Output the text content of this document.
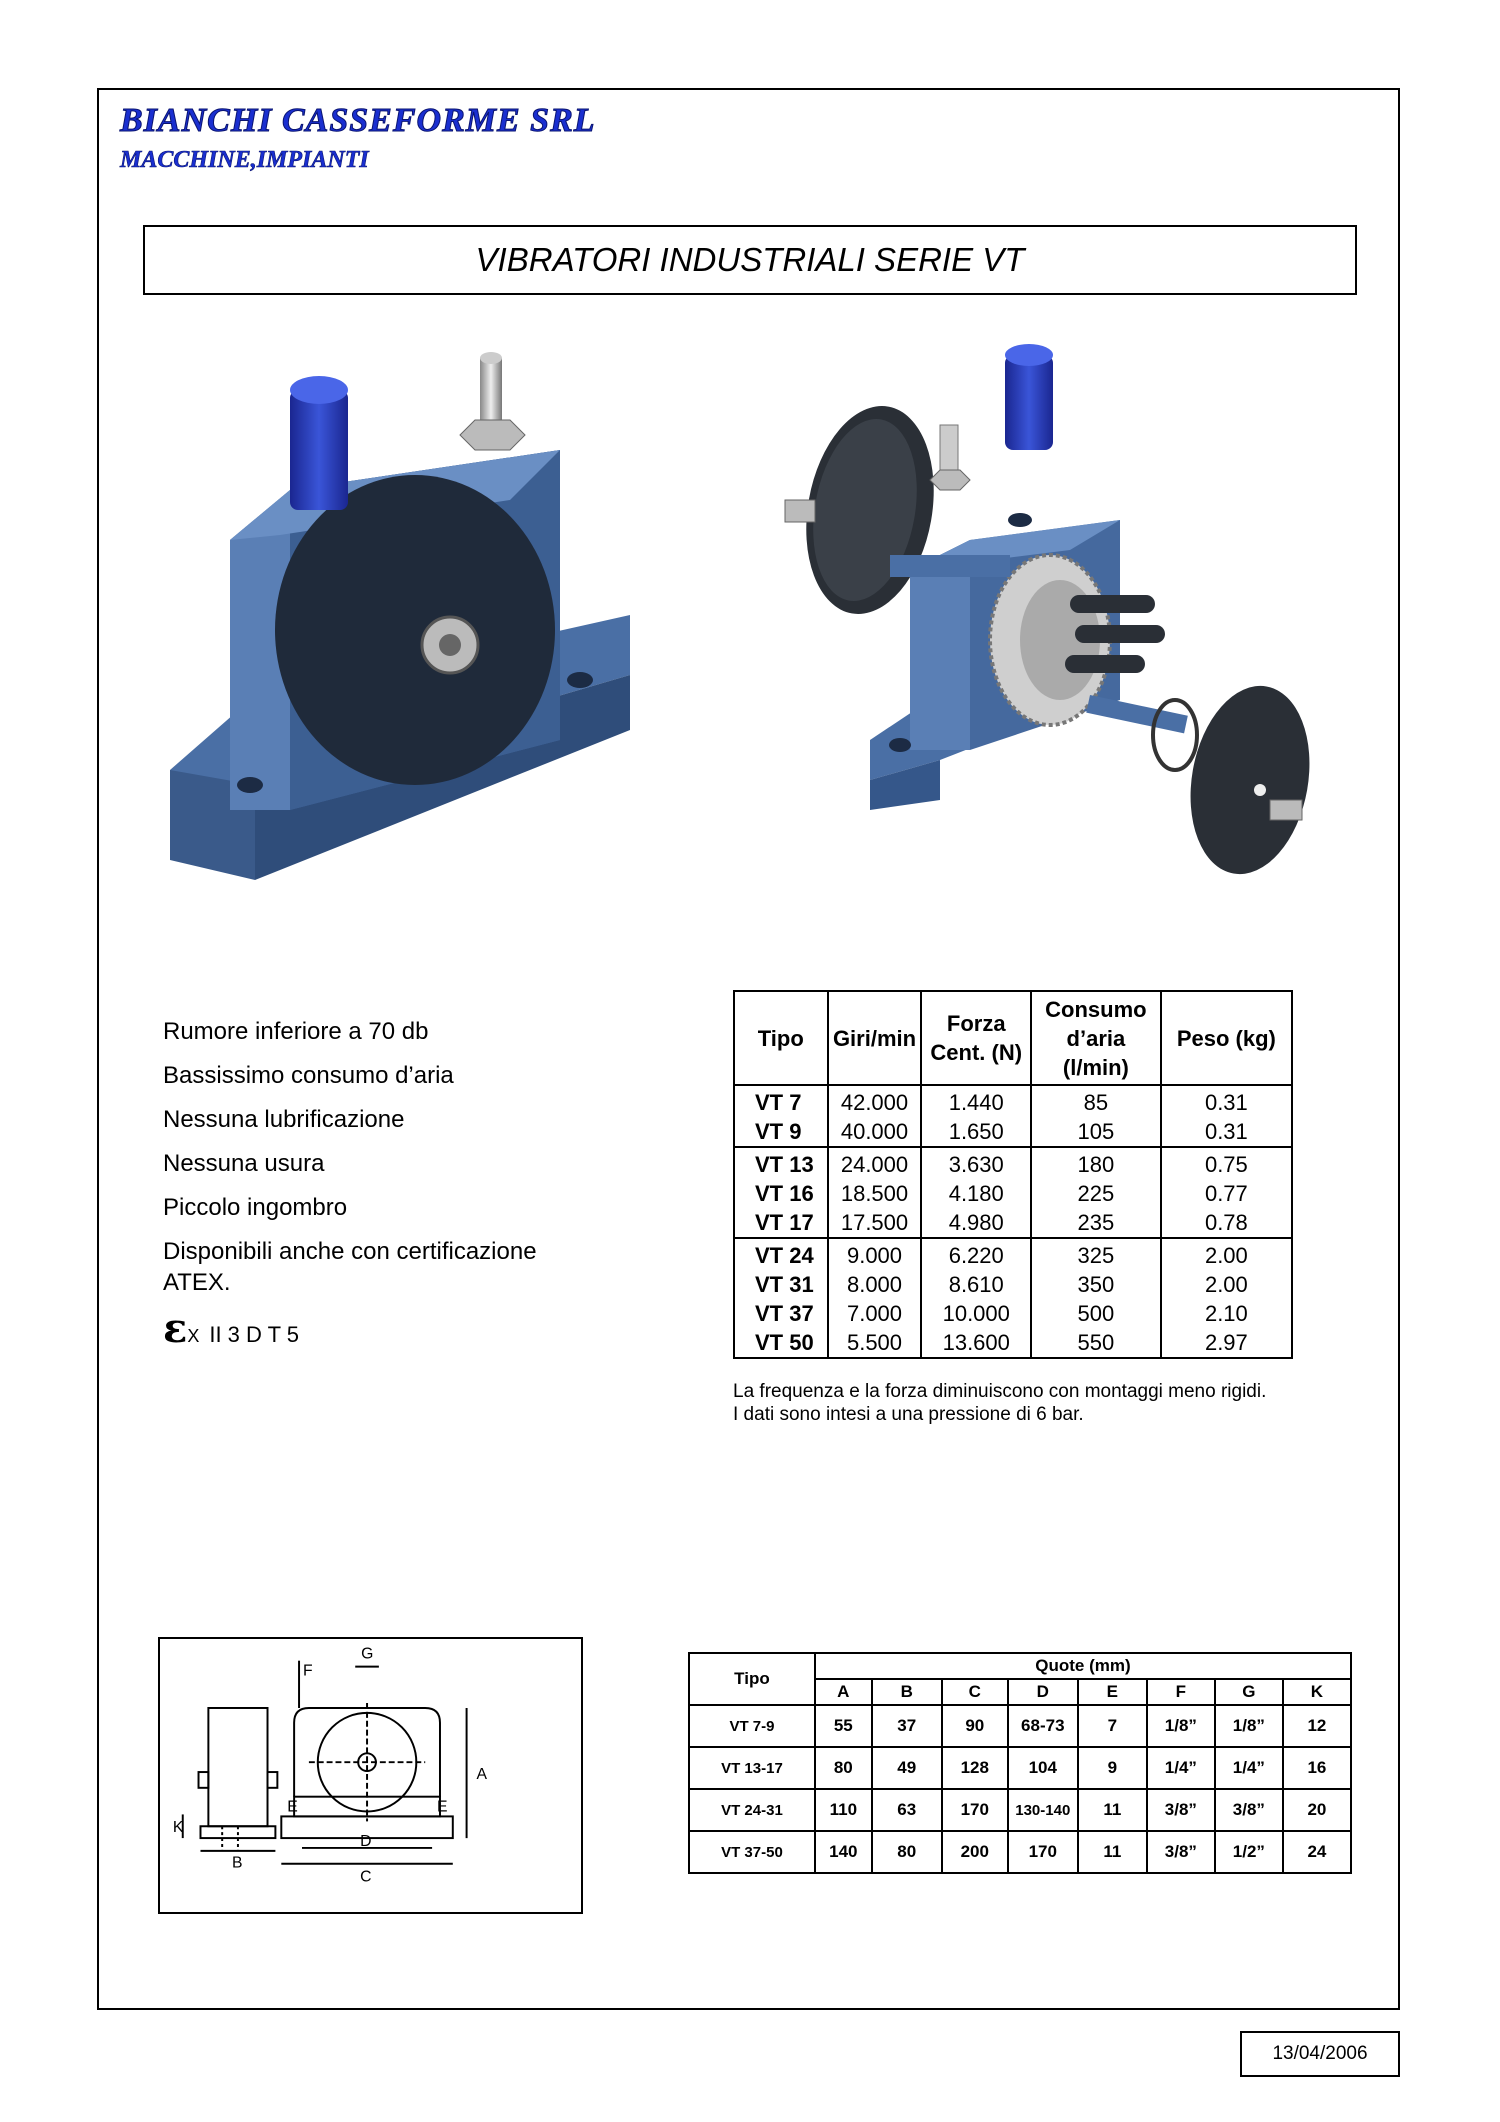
BIANCHI CASSEFORME SRL
MACCHINE,IMPIANTI
VIBRATORI INDUSTRIALI SERIE VT
Rumore inferiore a 70 db
Bassissimo consumo d’aria
Nessuna lubrificazione
Nessuna usura
Piccolo ingombro
Disponibili anche con certificazione ATEX.
εX II 3 D T 5
Tipo	Giri/min	Forza Cent. (N)	Consumo d’aria (l/min)	Peso (kg)
VT 7	42.000	1.440	85	0.31
VT 9	40.000	1.650	105	0.31
VT 13	24.000	3.630	180	0.75
VT 16	18.500	4.180	225	0.77
VT 17	17.500	4.980	235	0.78
VT 24	9.000	6.220	325	2.00
VT 31	8.000	8.610	350	2.00
VT 37	7.000	10.000	500	2.10
VT 50	5.500	13.600	550	2.97
La frequenza e la forza diminuiscono con montaggi meno rigidi.
I dati sono intesi a una pressione di 6 bar.
B
C
D
E	E
F
G
A
K
Tipo	Quote (mm)							
	A	B	C	D	E	F	G	K
VT 7-9	55	37	90	68-73	7	1/8”	1/8”	12
VT 13-17	80	49	128	104	9	1/4”	1/4”	16
VT 24-31	110	63	170	130-140	11	3/8”	3/8”	20
VT 37-50	140	80	200	170	11	3/8”	1/2”	24
13/04/2006
